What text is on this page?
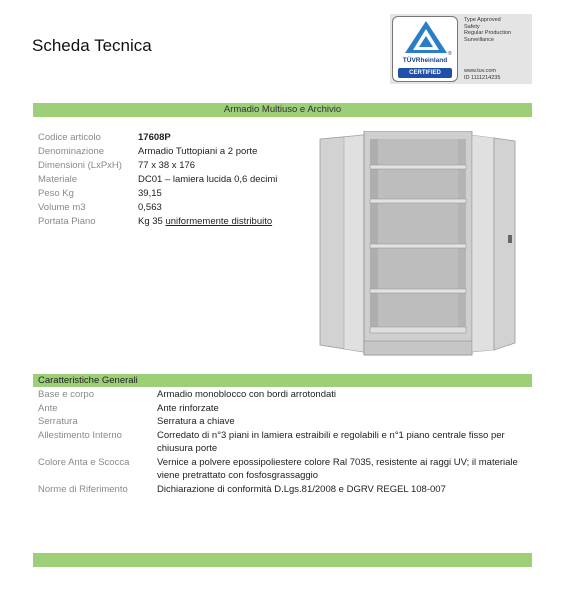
Scheda Tecnica	®
TÜVRheinland
CERTIFIED
Type Approved
Safety
Regular Production
Surveillance
www.tuv.com
ID 1111214235
Armadio Multiuso e Archivio
Codice articolo	17608P
Denominazione	Armadio Tuttopiani a 2 porte
Dimensioni (LxPxH)	77 x 38 x 176
Materiale	DC01 – lamiera lucida 0,6 decimi
Peso Kg	39,15
Volume m3	0,563
Portata Piano	Kg 35 uniformemente distribuito
Caratteristiche Generali
Base e corpo	Armadio monoblocco con bordi arrotondati
Ante	Ante rinforzate
Serratura	Serratura a chiave
Allestimento Interno	Corredato di n°3 piani in lamiera estraibili e regolabili e n°1 piano centrale fisso per chiusura porte
Colore Anta e Scocca	Vernice a polvere epossipoliestere colore Ral 7035, resistente ai raggi UV; il materiale viene pretrattato con fosfosgrassaggio
Norme di Riferimento	Dichiarazione di conformità D.Lgs.81/2008 e DGRV REGEL 108-007
